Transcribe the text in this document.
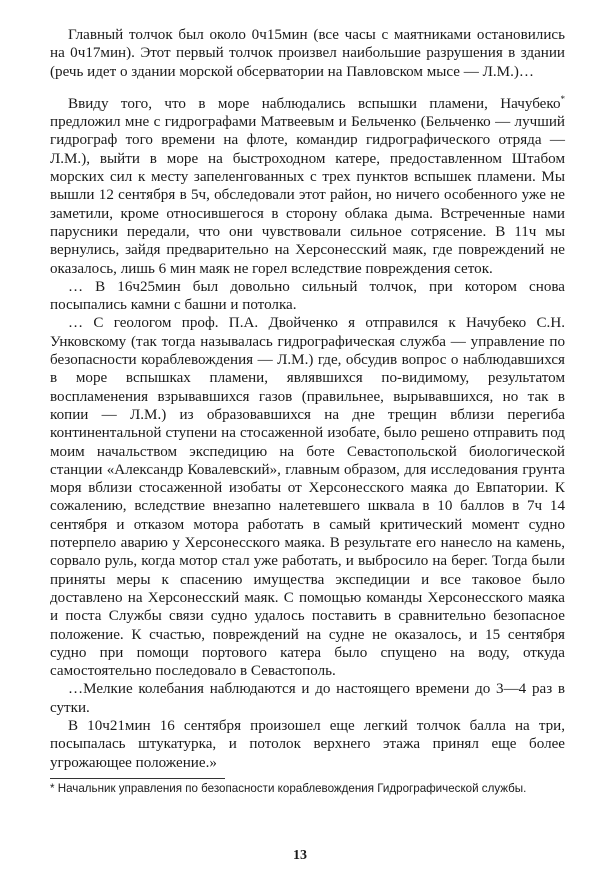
Главный толчок был около 0ч15мин (все часы с маятниками остановились на 0ч17мин). Этот первый толчок произвел наибольшие разрушения в здании (речь идет о здании морской обсерватории на Павловском мысе — Л.М.)…

Ввиду того, что в море наблюдались вспышки пламени, Начубеко* предложил мне с гидрографами Матвеевым и Бельченко (Бельченко — лучший гидрограф того времени на флоте, командир гидрографического отряда — Л.М.), выйти в море на быстроходном катере, предоставленном Штабом морских сил к месту запеленгованных с трех пунктов вспышек пламени. Мы вышли 12 сентября в 5ч, обследовали этот район, но ничего особенного уже не заметили, кроме относившегося в сторону облака дыма. Встреченные нами парусники передали, что они чувствовали сильное сотрясение. В 11ч мы вернулись, зайдя предварительно на Херсонесский маяк, где повреждений не оказалось, лишь 6 мин маяк не горел вследствие повреждения сеток.

… В 16ч25мин был довольно сильный толчок, при котором снова посыпались камни с башни и потолка.

… С геологом проф. П.А. Двойченко я отправился к Начубеко С.Н. Унковскому (так тогда называлась гидрографическая служба — управление по безопасности кораблевождения — Л.М.) где, обсудив вопрос о наблюдавшихся в море вспышках пламени, являвшихся по-видимому, результатом воспламенения взрывавшихся газов (правильнее, вырывавшихся, но так в копии — Л.М.) из образовавшихся на дне трещин вблизи перегиба континентальной ступени на стосаженной изобате, было решено отправить под моим начальством экспедицию на боте Севастопольской биологической станции «Александр Ковалевский», главным образом, для исследования грунта моря вблизи стосаженной изобаты от Херсонесского маяка до Евпатории. К сожалению, вследствие внезапно налетевшего шквала в 10 баллов в 7ч 14 сентября и отказом мотора работать в самый критический момент судно потерпело аварию у Херсонесского маяка. В результате его нанесло на камень, сорвало руль, когда мотор стал уже работать, и выбросило на берег. Тогда были приняты меры к спасению имущества экспедиции и все таковое было доставлено на Херсонесский маяк. С помощью команды Херсонесского маяка и поста Службы связи судно удалось поставить в сравнительно безопасное положение. К счастью, повреждений на судне не оказалось, и 15 сентября судно при помощи портового катера было спущено на воду, откуда самостоятельно последовало в Севастополь.

…Мелкие колебания наблюдаются и до настоящего времени до 3—4 раз в сутки.

В 10ч21мин 16 сентября произошел еще легкий толчок балла на три, посыпалась штукатурка, и потолок верхнего этажа принял еще более угрожающее положение.»

* Начальник управления по безопасности кораблевождения Гидрографической службы.

13
